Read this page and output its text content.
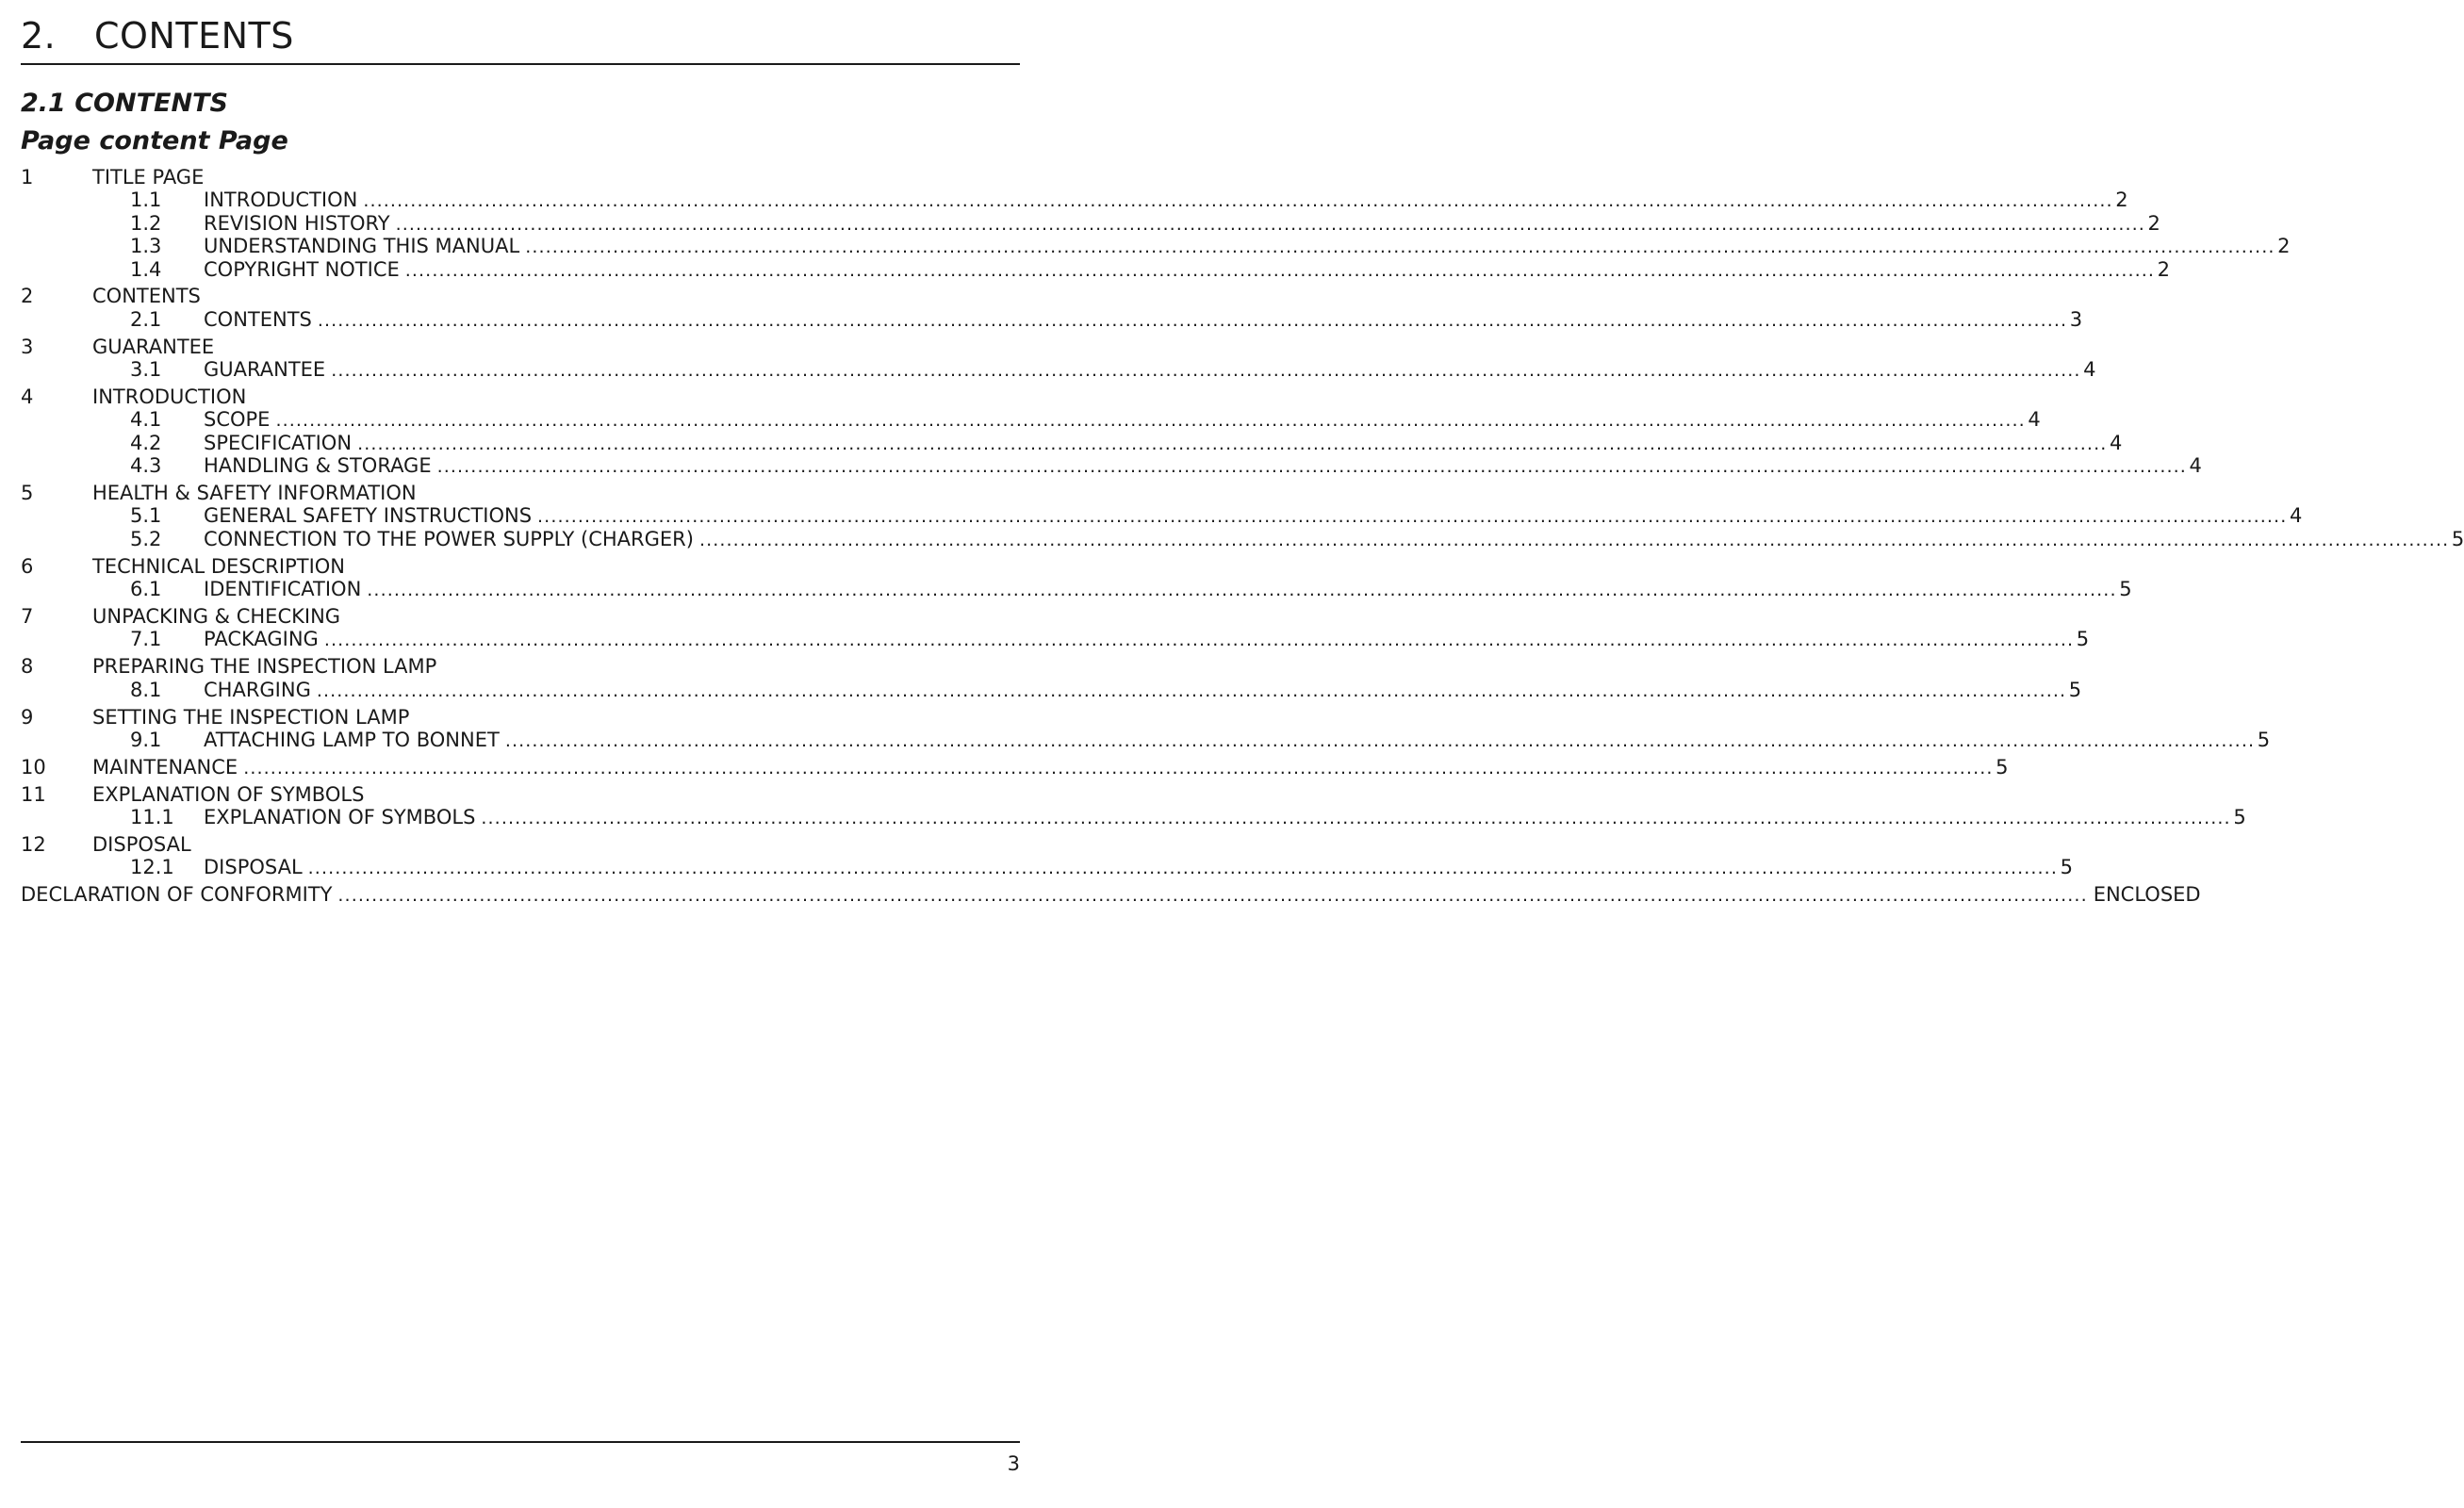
2. CONTENTS
2.1 CONTENTS
Page content Page
1	TITLE PAGE
1.1	INTRODUCTION .................................................................................................................................................................................................................................................................... 2
1.2	REVISION HISTORY .................................................................................................................................................................................................................................................................... 2
1.3	UNDERSTANDING THIS MANUAL .................................................................................................................................................................................................................................................................... 2
1.4	COPYRIGHT NOTICE .................................................................................................................................................................................................................................................................... 2
2	CONTENTS
2.1	CONTENTS .................................................................................................................................................................................................................................................................... 3
3	GUARANTEE
3.1	GUARANTEE .................................................................................................................................................................................................................................................................... 4
4	INTRODUCTION
4.1	SCOPE .................................................................................................................................................................................................................................................................... 4
4.2	SPECIFICATION .................................................................................................................................................................................................................................................................... 4
4.3	HANDLING & STORAGE .................................................................................................................................................................................................................................................................... 4
5	HEALTH & SAFETY INFORMATION
5.1	GENERAL SAFETY INSTRUCTIONS .................................................................................................................................................................................................................................................................... 4
5.2	CONNECTION TO THE POWER SUPPLY (CHARGER) .................................................................................................................................................................................................................................................................... 5
6	TECHNICAL DESCRIPTION
6.1	IDENTIFICATION .................................................................................................................................................................................................................................................................... 5
7	UNPACKING & CHECKING
7.1	PACKAGING .................................................................................................................................................................................................................................................................... 5
8	PREPARING THE INSPECTION LAMP
8.1	CHARGING .................................................................................................................................................................................................................................................................... 5
9	SETTING THE INSPECTION LAMP
9.1	ATTACHING LAMP TO BONNET .................................................................................................................................................................................................................................................................... 5
10	MAINTENANCE .................................................................................................................................................................................................................................................................... 5
11	EXPLANATION OF SYMBOLS
11.1	EXPLANATION OF SYMBOLS .................................................................................................................................................................................................................................................................... 5
12	DISPOSAL
12.1	DISPOSAL .................................................................................................................................................................................................................................................................... 5
DECLARATION OF CONFORMITY .................................................................................................................................................................................................................................................................... ENCLOSED
3
